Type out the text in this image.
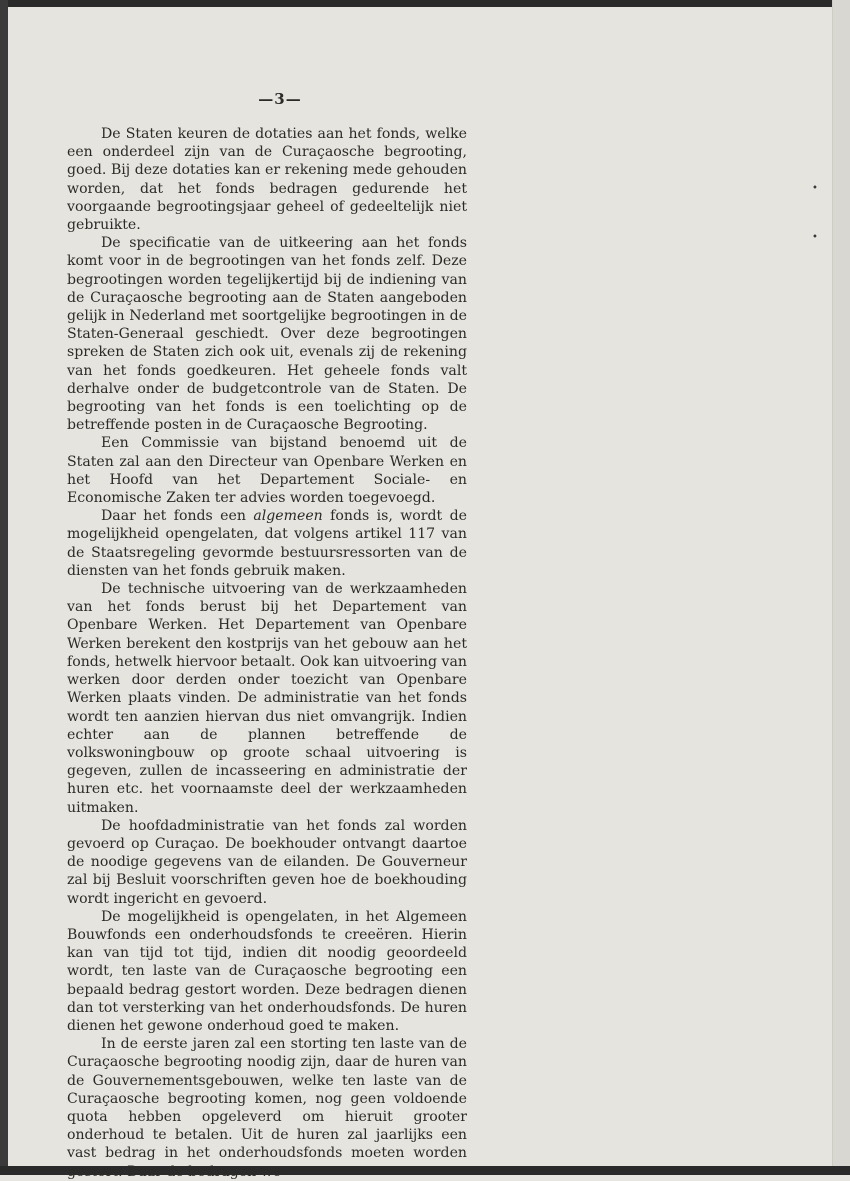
—3—

De Staten keuren de dotaties aan het fonds, welke een onderdeel zijn van de Curaçaosche begrooting, goed. Bij deze dotaties kan er rekening mede gehouden worden, dat het fonds bedragen gedurende het voorgaande begrootingsjaar geheel of gedeeltelijk niet gebruikte.

De specificatie van de uitkeering aan het fonds komt voor in de begrootingen van het fonds zelf. Deze begrootingen worden tegelijkertijd bij de indiening van de Curaçaosche begrooting aan de Staten aangeboden gelijk in Nederland met soortgelijke begrootingen in de Staten-Generaal geschiedt. Over deze begrootingen spreken de Staten zich ook uit, evenals zij de rekening van het fonds goedkeuren. Het geheele fonds valt derhalve onder de budgetcontrole van de Staten. De begrooting van het fonds is een toelichting op de betreffende posten in de Curaçaosche Begrooting.

Een Commissie van bijstand benoemd uit de Staten zal aan den Directeur van Openbare Werken en het Hoofd van het Departement Sociale- en Economische Zaken ter advies worden toegevoegd.

Daar het fonds een algemeen fonds is, wordt de mogelijkheid opengelaten, dat volgens artikel 117 van de Staatsregeling gevormde bestuursressorten van de diensten van het fonds gebruik maken.

De technische uitvoering van de werkzaamheden van het fonds berust bij het Departement van Openbare Werken. Het Departement van Openbare Werken berekent den kostprijs van het gebouw aan het fonds, hetwelk hiervoor betaalt. Ook kan uitvoering van werken door derden onder toezicht van Openbare Werken plaats vinden. De administratie van het fonds wordt ten aanzien hiervan dus niet omvangrijk. Indien echter aan de plannen betreffende de volkswoningbouw op groote schaal uitvoering is gegeven, zullen de incasseering en administratie der huren etc. het voornaamste deel der werkzaamheden uitmaken.

De hoofdadministratie van het fonds zal worden gevoerd op Curaçao. De boekhouder ontvangt daartoe de noodige gegevens van de eilanden. De Gouverneur zal bij Besluit voorschriften geven hoe de boekhouding wordt ingericht en gevoerd.

De mogelijkheid is opengelaten, in het Algemeen Bouwfonds een onderhoudsfonds te creeëren. Hierin kan van tijd tot tijd, indien dit noodig geoordeeld wordt, ten laste van de Curaçaosche begrooting een bepaald bedrag gestort worden. Deze bedragen dienen dan tot versterking van het onderhoudsfonds. De huren dienen het gewone onderhoud goed te maken.

In de eerste jaren zal een storting ten laste van de Curaçaosche begrooting noodig zijn, daar de huren van de Gouvernementsgebouwen, welke ten laste van de Curaçaosche begrooting komen, nog geen voldoende quota hebben opgeleverd om hieruit grooter onderhoud te betalen. Uit de huren zal jaarlijks een vast bedrag in het onderhoudsfonds moeten worden gestort. Daar de bedragen we-

•
•
